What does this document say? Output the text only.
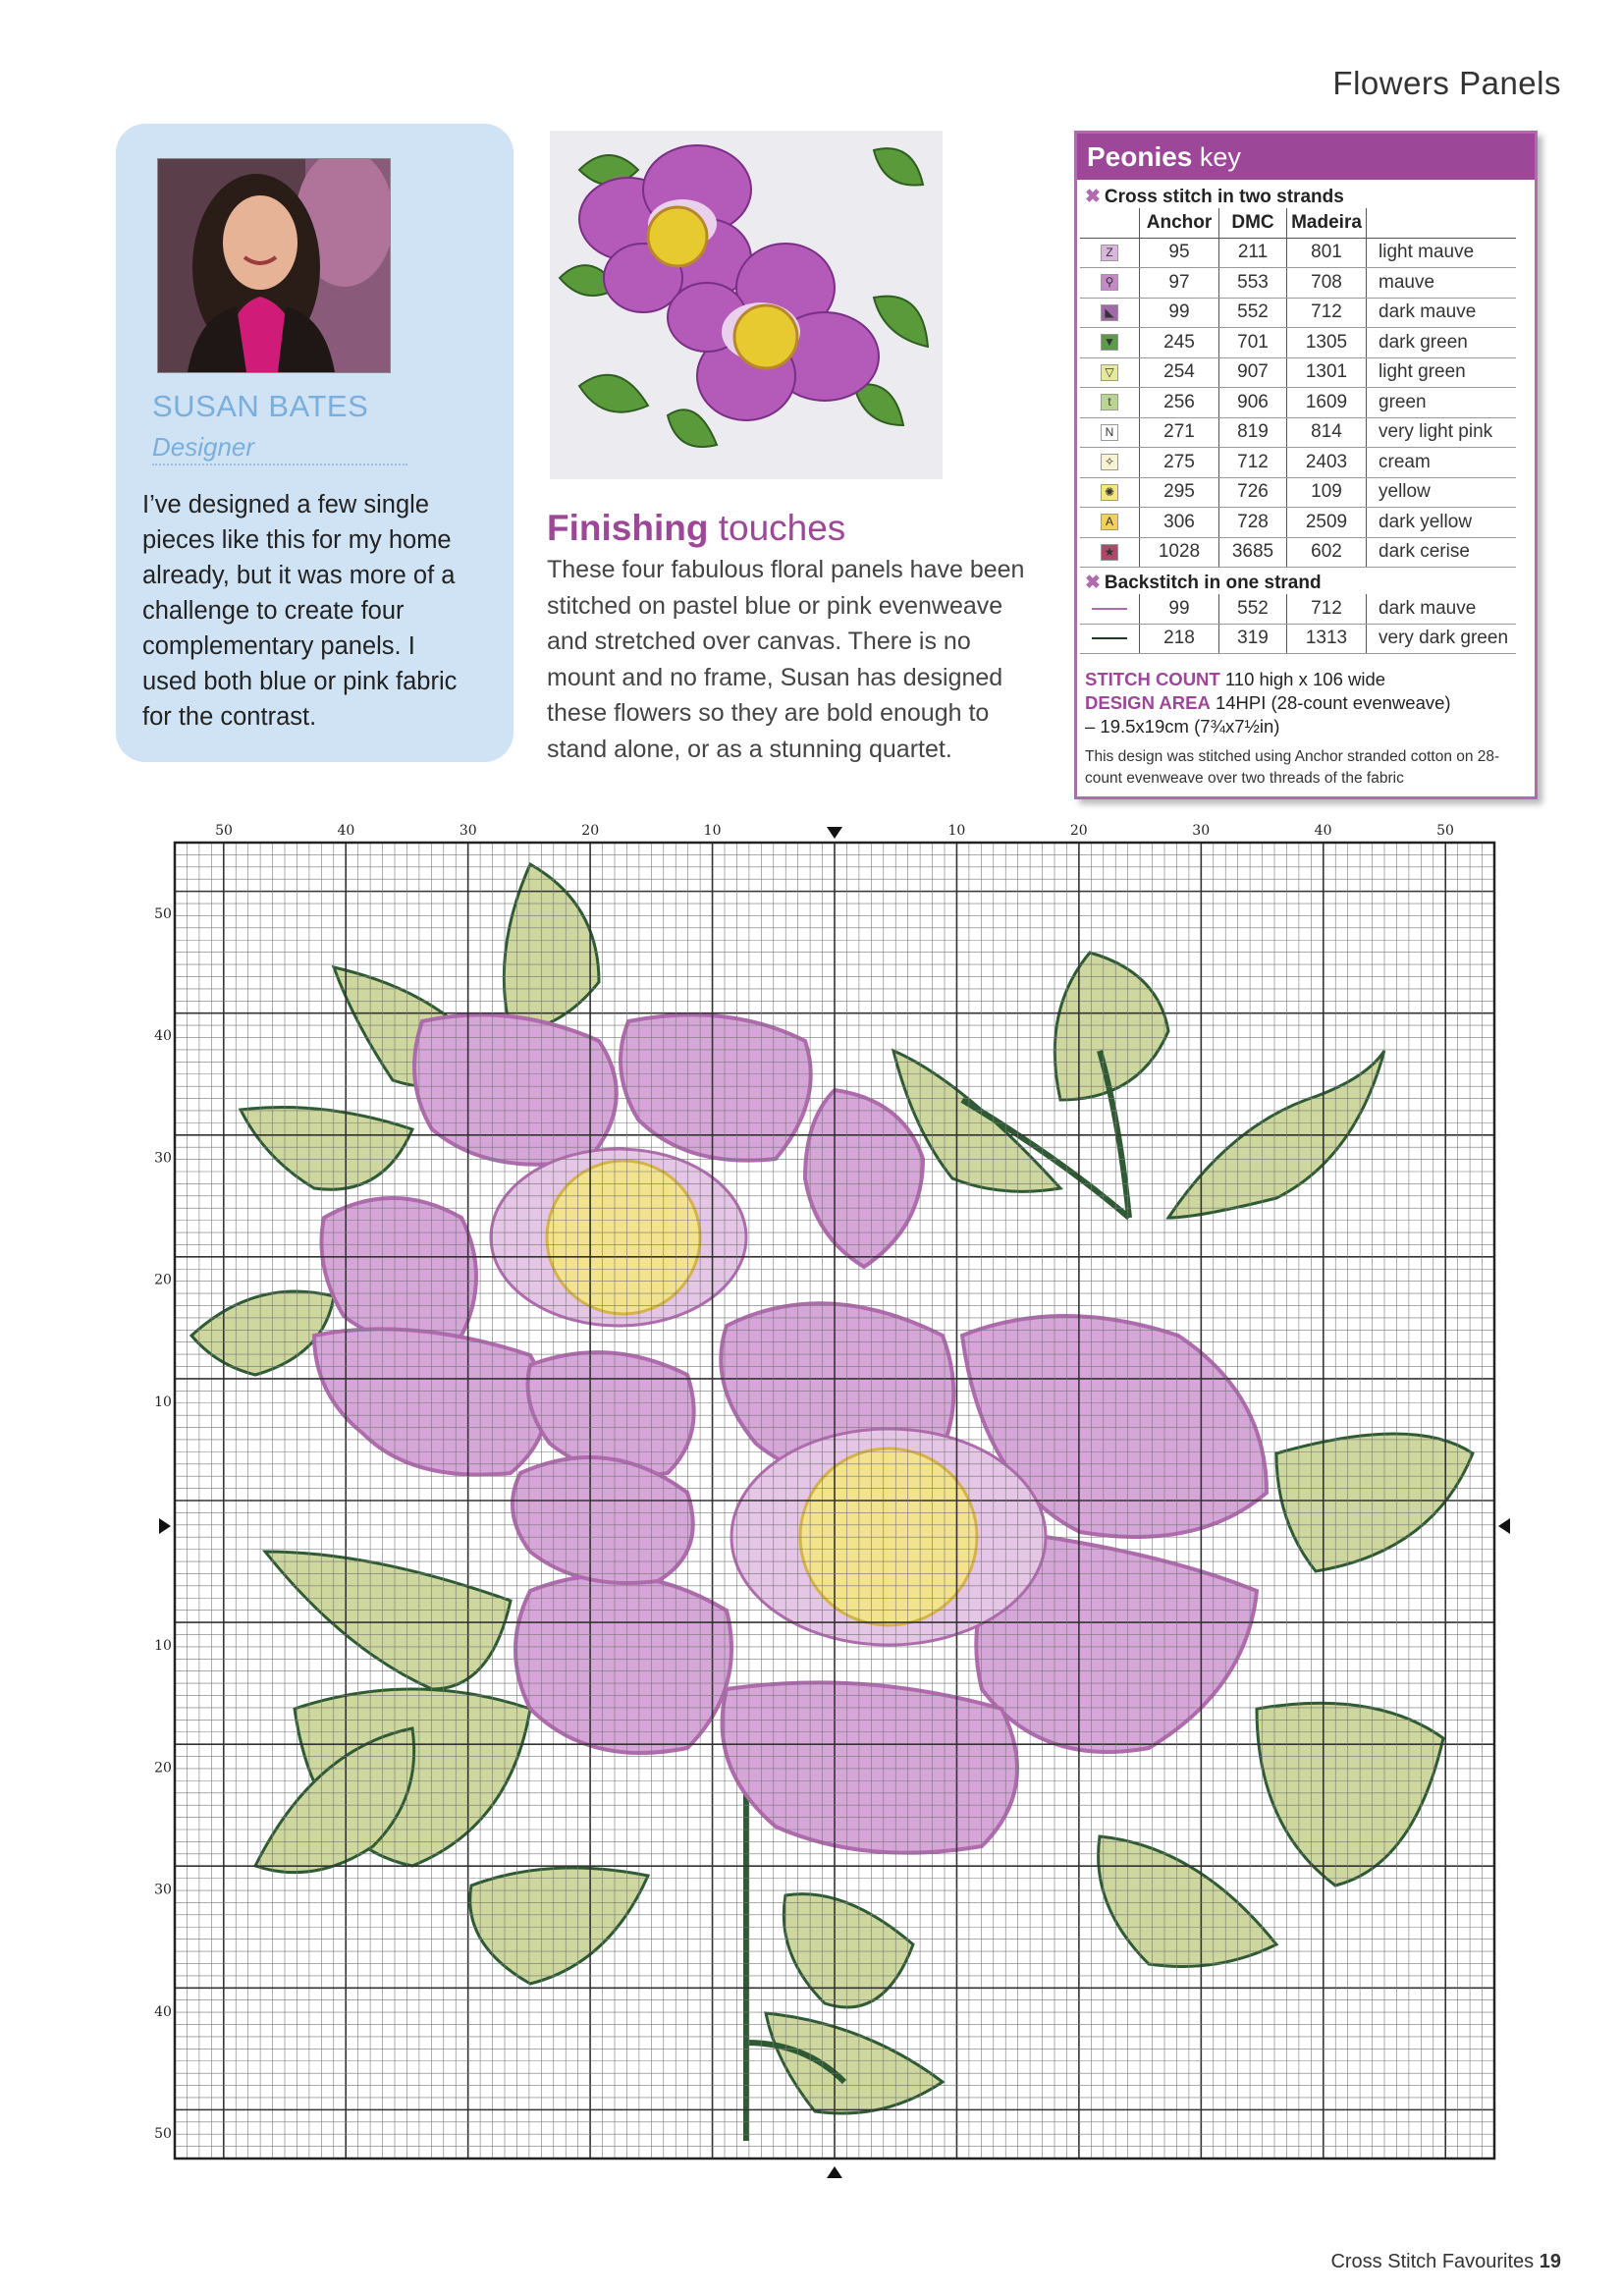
Flowers Panels
SUSAN BATES
Designer
I’ve designed a few single pieces like this for my home already, but it was more of a challenge to create four complementary panels. I used both blue or pink fabric for the contrast.
Finishing touches
These four fabulous floral panels have been stitched on pastel blue or pink evenweave and stretched over canvas. There is no mount and no frame, Susan has designed these flowers so they are bold enough to stand alone, or as a stunning quartet.
Peonies key
✖ Cross stitch in two strands
	Anchor	DMC	Madeira	
Z	95	211	801	light mauve
⚲	97	553	708	mauve
◣	99	552	712	dark mauve
▼	245	701	1305	dark green
▽	254	907	1301	light green
t	256	906	1609	green
N	271	819	814	very light pink
✧	275	712	2403	cream
✺	295	726	109	yellow
A	306	728	2509	dark yellow
★	1028	3685	602	dark cerise
✖ Backstitch in one strand
	99	552	712	dark mauve
	218	319	1313	very dark green
STITCH COUNT 110 high x 106 wide
DESIGN AREA 14HPI (28-count evenweave)
– 19.5x19cm (7¾x7½in)
This design was stitched using Anchor stranded cotton on 28-count evenweave over two threads of the fabric
50	40	30	20	10	10	20	30	40	50
50
40
30
20
10
10
20
30
40
50
Cross Stitch Favourites 19
